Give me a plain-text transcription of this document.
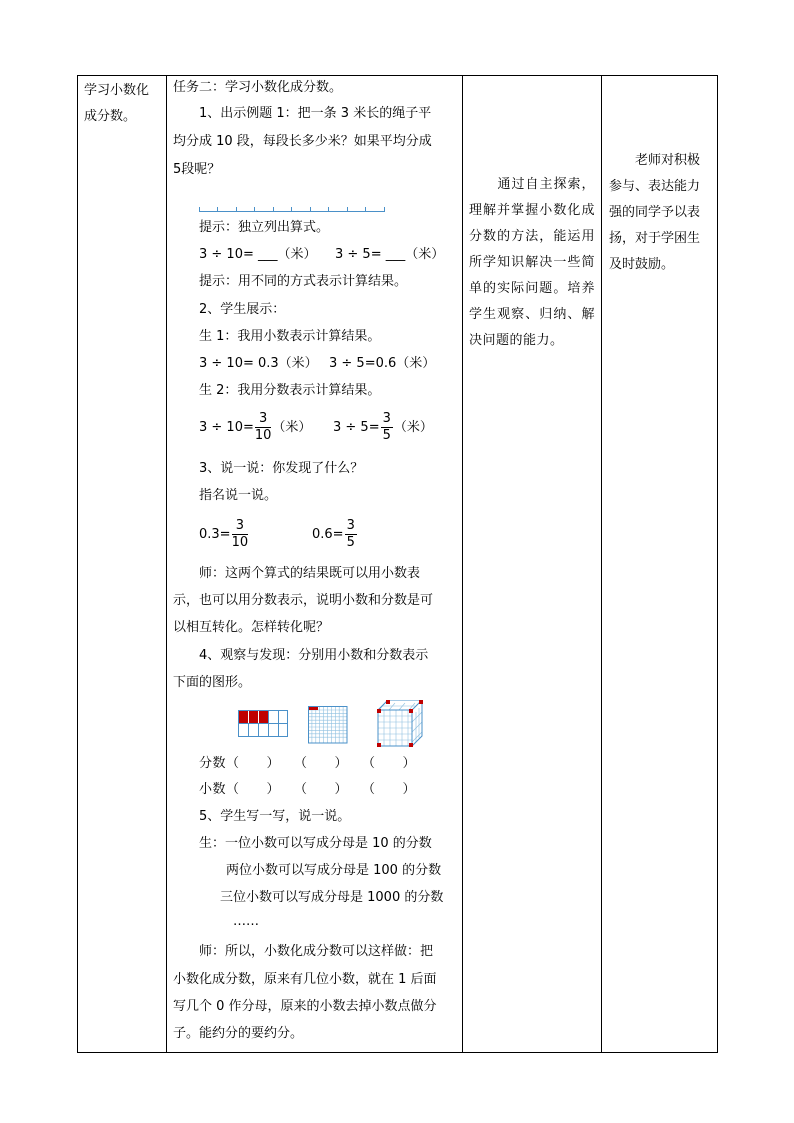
学习小数化成分数。
任务二：学习小数化成分数。
1、出示例题 1：把一条 3 米长的绳子平
均分成 10 段，每段长多少米？如果平均分成
5段呢？
提示：独立列出算式。
3 ÷ 10= ___（米） 3 ÷ 5= ___（米）
提示：用不同的方式表示计算结果。
2、学生展示：
生 1：我用小数表示计算结果。
3 ÷ 10= 0.3（米） 3 ÷ 5=0.6（米）
生 2：我用分数表示计算结果。
$3 \div 10= \frac{3}{10}$ （米） $3 \div 5= \frac{3}{5}$ （米）
3、说一说：你发现了什么？
指名说一说。
$0.3= \frac{3}{10}$	$0.6= \frac{3}{5}$
师：这两个算式的结果既可以用小数表
示，也可以用分数表示，说明小数和分数是可
以相互转化。怎样转化呢？
4、观察与发现：分别用小数和分数表示
下面的图形。
分数（　　）　　（　　）　　（　　）
小数（　　）　　（　　）　　（　　）
5、学生写一写，说一说。
生：一位小数可以写成分母是 10 的分数
两位小数可以写成分母是 100 的分数
三位小数可以写成分母是 1000 的分数
……
师：所以，小数化成分数可以这样做：把
小数化成分数，原来有几位小数，就在 1 后面
写几个 0 作分母，原来的小数去掉小数点做分
子。能约分的要约分。
通过自主探索，理解并掌握小数化成分数的方法，能运用所学知识解决一些简单的实际问题。培养学生观察、归纳、解决问题的能力。
老师对积极参与、表达能力强的同学予以表扬，对于学困生及时鼓励。
